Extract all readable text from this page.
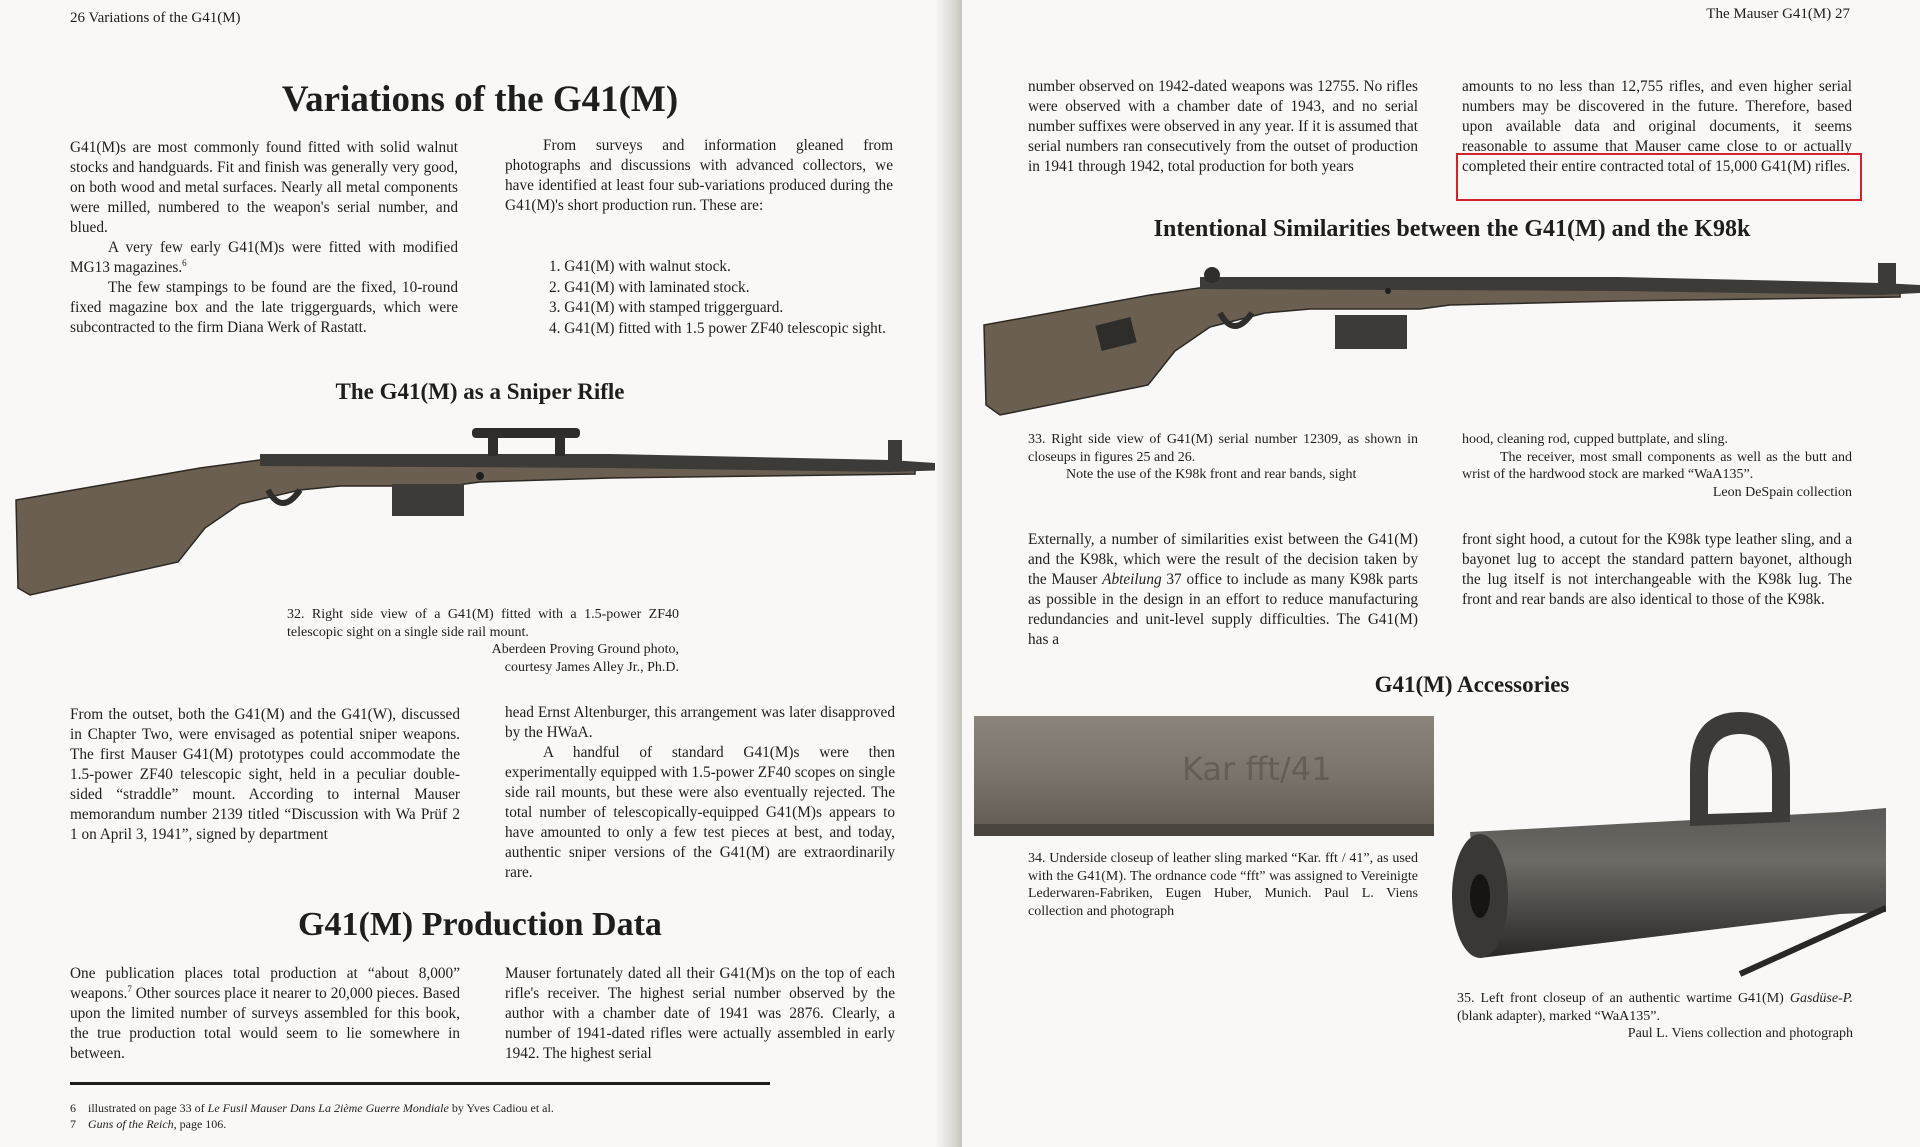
26 Variations of the G41(M)
Variations of the G41(M)

G41(M)s are most commonly found fitted with solid walnut stocks and handguards. Fit and finish was generally very good, on both wood and metal surfaces. Nearly all metal components were milled, numbered to the weapon's serial number, and blued.

A very few early G41(M)s were fitted with modified MG13 magazines.$^6$

The few stampings to be found are the fixed, 10-round fixed magazine box and the late triggerguards, which were subcontracted to the firm Diana Werk of Rastatt.

From surveys and information gleaned from photographs and discussions with advanced collectors, we have identified at least four sub-variations produced during the G41(M)'s short production run. These are:

1. G41(M) with walnut stock.
2. G41(M) with laminated stock.
3. G41(M) with stamped triggerguard.
4. G41(M) fitted with 1.5 power ZF40 telescopic sight.
The G41(M) as a Sniper Rifle

32. Right side view of a G41(M) fitted with a 1.5-power ZF40 telescopic sight on a single side rail mount.

Aberdeen Proving Ground photo,

courtesy James Alley Jr., Ph.D.

From the outset, both the G41(M) and the G41(W), discussed in Chapter Two, were envisaged as potential sniper weapons. The first Mauser G41(M) prototypes could accommodate the 1.5-power ZF40 telescopic sight, held in a peculiar double-sided “straddle” mount. According to internal Mauser memorandum number 2139 titled “Discussion with Wa Prüf 2 1 on April 3, 1941”, signed by department

head Ernst Altenburger, this arrangement was later disapproved by the HWaA.

A handful of standard G41(M)s were then experimentally equipped with 1.5-power ZF40 scopes on single side rail mounts, but these were also eventually rejected. The total number of telescopically-equipped G41(M)s appears to have amounted to only a few test pieces at best, and today, authentic sniper versions of the G41(M) are extraordinarily rare.

G41(M) Production Data

One publication places total production at “about 8,000” weapons.$^7$ Other sources place it nearer to 20,000 pieces. Based upon the limited number of surveys assembled for this book, the true production total would seem to lie somewhere in between.

Mauser fortunately dated all their G41(M)s on the top of each rifle's receiver. The highest serial number observed by the author with a chamber date of 1941 was 2876. Clearly, a number of 1941-dated rifles were actually assembled in early 1942. The highest serial

6 illustrated on page 33 of Le Fusil Mauser Dans La 2ième Guerre Mondiale by Yves Cadiou et al.
7 Guns of the Reich, page 106.
The Mauser G41(M) 27

number observed on 1942-dated weapons was 12755. No rifles were observed with a chamber date of 1943, and no serial number suffixes were observed in any year. If it is assumed that serial numbers ran consecutively from the outset of production in 1941 through 1942, total production for both years

amounts to no less than 12,755 rifles, and even higher serial numbers may be discovered in the future. Therefore, based upon available data and original documents, it seems reasonable to assume that Mauser came close to or actually completed their entire contracted total of 15,000 G41(M) rifles.

Intentional Similarities between the G41(M) and the K98k

33. Right side view of G41(M) serial number 12309, as shown in closeups in figures 25 and 26.

Note the use of the K98k front and rear bands, sight

hood, cleaning rod, cupped buttplate, and sling.

The receiver, most small components as well as the butt and wrist of the hardwood stock are marked “WaA135”.

Leon DeSpain collection

Externally, a number of similarities exist between the G41(M) and the K98k, which were the result of the decision taken by the Mauser Abteilung 37 office to include as many K98k parts as possible in the design in an effort to reduce manufacturing redundancies and unit-level supply difficulties. The G41(M) has a

front sight hood, a cutout for the K98k type leather sling, and a bayonet lug to accept the standard pattern bayonet, although the lug itself is not interchangeable with the K98k lug. The front and rear bands are also identical to those of the K98k.

G41(M) Accessories
Kar fft/41

34. Underside closeup of leather sling marked “Kar. fft / 41”, as used with the G41(M). The ordnance code “fft” was assigned to Vereinigte Lederwaren-Fabriken, Eugen Huber, Munich. Paul L. Viens collection and photograph

35. Left front closeup of an authentic wartime G41(M) Gasdüse-P. (blank adapter), marked “WaA135”.

Paul L. Viens collection and photograph
